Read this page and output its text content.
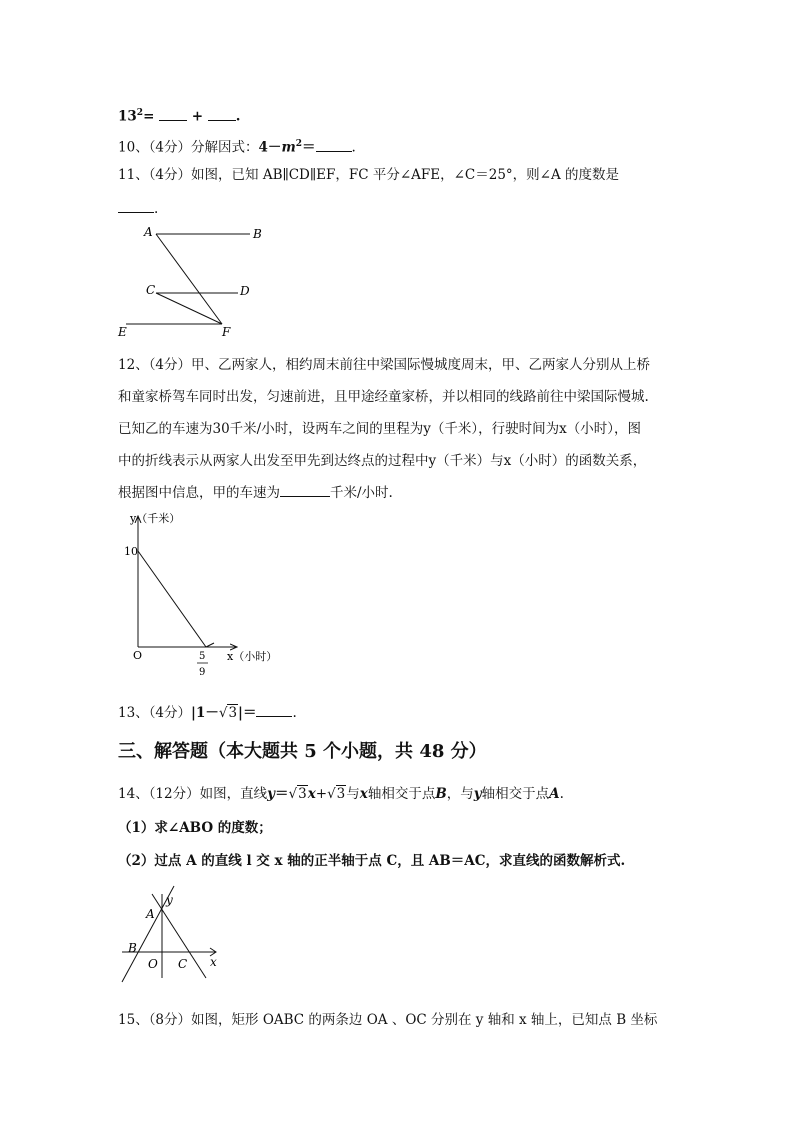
$13^2=$	+ .
10、（4分）分解因式：$4-m^2=$	.
11、（4分）如图，已知 AB∥CD∥EF，FC 平分∠AFE，∠C＝25°，则∠A 的度数是
.
A	B
C	D
E	F
12、（4分）甲、乙两家人，相约周末前往中梁国际慢城度周末，甲、乙两家人分别从上桥
和童家桥驾车同时出发，匀速前进，且甲途经童家桥，并以相同的线路前往中梁国际慢城.
已知乙的车速为30千米/小时，设两车之间的里程为y（千米），行驶时间为x（小时），图
中的折线表示从两家人出发至甲先到达终点的过程中y（千米）与x（小时）的函数关系，
根据图中信息，甲的车速为	千米/小时.
y（千米）
x（小时）
O
10
5
9
13、（4分）|1－√3|＝	.
三、解答题（本大题共 5 个小题，共 48 分）
14、（12分）如图，直线y＝√3x+√3与x轴相交于点B，与y轴相交于点A.
（1）求∠ABO 的度数；
（2）过点 A 的直线 l 交 x 轴的正半轴于点 C，且 AB＝AC，求直线的函数解析式.
A
y
B
O C x
15、（8分）如图，矩形 OABC 的两条边 OA 、OC 分别在 y 轴和 x 轴上，已知点 B 坐标
